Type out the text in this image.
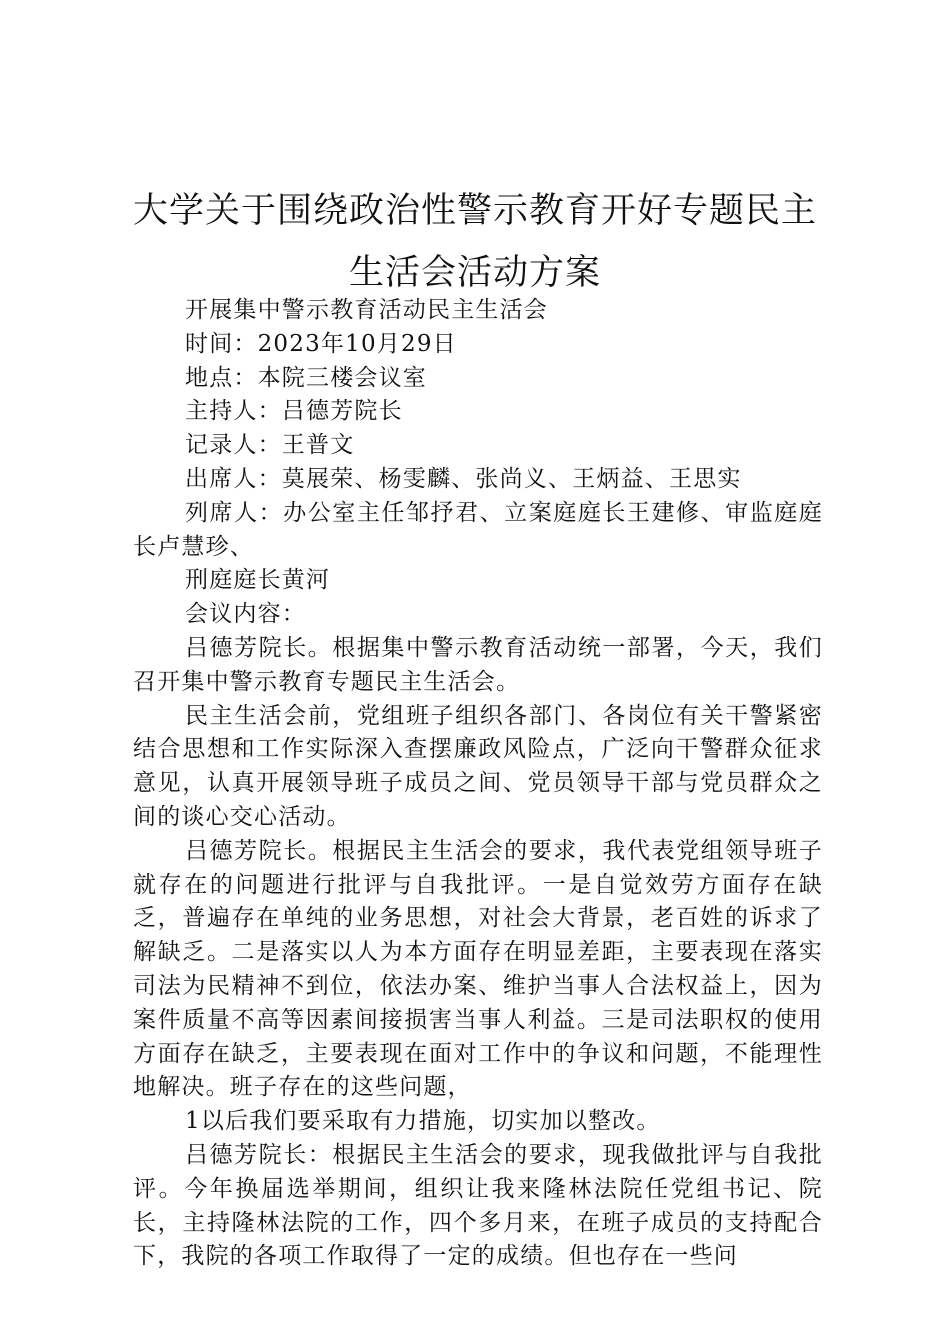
大学关于围绕政治性警示教育开好专题民主生活会活动方案

开展集中警示教育活动民主生活会

时间：2023年10月29日

地点：本院三楼会议室

主持人：吕德芳院长

记录人：王普文

出席人：莫展荣、杨雯麟、张尚义、王炳益、王思实

列席人：办公室主任邹抒君、立案庭庭长王建修、审监庭庭长卢慧珍、

刑庭庭长黄河

会议内容：

吕德芳院长。根据集中警示教育活动统一部署，今天，我们召开集中警示教育专题民主生活会。

民主生活会前，党组班子组织各部门、各岗位有关干警紧密结合思想和工作实际深入查摆廉政风险点，广泛向干警群众征求意见，认真开展领导班子成员之间、党员领导干部与党员群众之间的谈心交心活动。

吕德芳院长。根据民主生活会的要求，我代表党组领导班子就存在的问题进行批评与自我批评。一是自觉效劳方面存在缺乏，普遍存在单纯的业务思想，对社会大背景，老百姓的诉求了解缺乏。二是落实以人为本方面存在明显差距，主要表现在落实司法为民精神不到位，依法办案、维护当事人合法权益上，因为案件质量不高等因素间接损害当事人利益。三是司法职权的使用方面存在缺乏，主要表现在面对工作中的争议和问题，不能理性地解决。班子存在的这些问题，

1以后我们要采取有力措施，切实加以整改。

吕德芳院长：根据民主生活会的要求，现我做批评与自我批评。今年换届选举期间，组织让我来隆林法院任党组书记、院长，主持隆林法院的工作，四个多月来，在班子成员的支持配合下，我院的各项工作取得了一定的成绩。但也存在一些问
